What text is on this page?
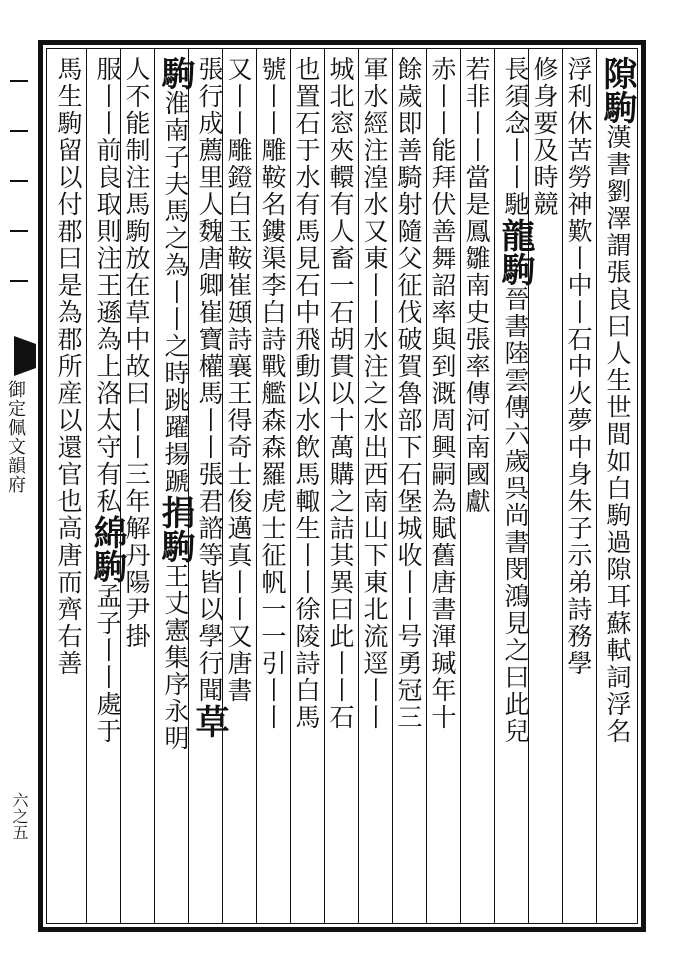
御定佩文韻府
六之五
隙駒漢書劉澤謂張良曰人生世間如白駒過隙耳蘇軾詞浮名
浮利休苦勞神歎丨中丨石中火夢中身朱子示弟詩務學
修身要及時競
長須念丨丨馳龍駒晉書陸雲傳六歲呉尚書閔鴻見之曰此兒
若非丨丨當是鳳雛南史張率傳河南國獻
赤丨丨能拜伏善舞詔率與到溉周興嗣為賦舊唐書渾瑊年十
餘歲即善騎射隨父征伐破賀魯部下石堡城收丨丨号勇冠三
軍水經注湟水又東丨丨水注之水出西南山下東北流逕丨丨
城北窓夾轘有人畜一石胡貫以十萬購之詰其異曰此丨丨石
也置石于水有馬見石中飛動以水飲馬輙生丨丨徐陵詩白馬
號丨丨雕鞍名鏤渠李白詩戰艦森森羅虎士征帆一一引丨丨
又丨丨雕鐙白玉鞍崔頲詩襄王得奇士俊邁真丨丨又唐書
張行成薦里人魏唐卿崔寶權馬丨丨張君諮等皆以學行聞草
駒淮南子夫馬之為丨丨之時跳躍揚蹏捐駒王丈憲集序永明
人不能制注馬駒放在草中故曰丨丨三年解丹陽尹掛
服丨丨前良取則注王遜為上洛太守有私綿駒孟子丨丨處于
馬生駒留以付郡曰是為郡所産以還官也高唐而齊右善
